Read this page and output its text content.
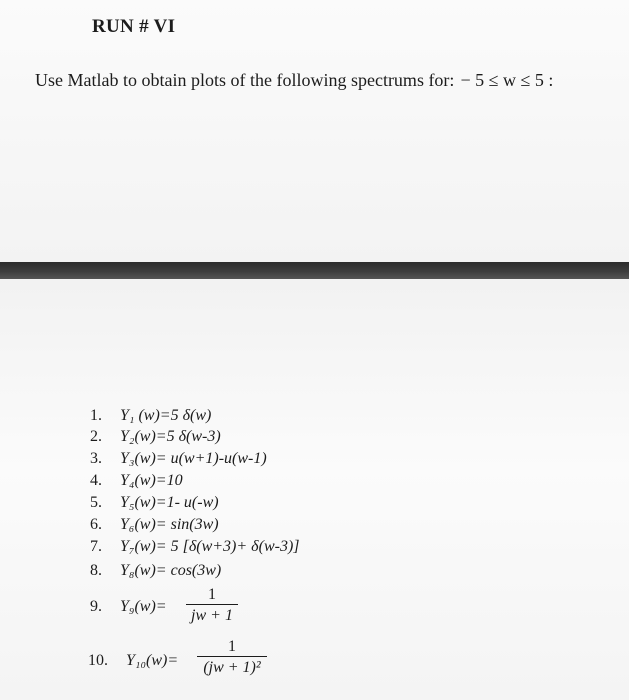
RUN # VI
Use Matlab to obtain plots of the following spectrums for: − 5 ≤ w ≤ 5 :
1. Y₁ (w)=5 δ(w)
2. Y₂(w)=5 δ(w-3)
3. Y₃(w)= u(w+1)-u(w-1)
4. Y₄(w)=10
5. Y₅(w)=1- u(-w)
6. Y₆(w)= sin(3w)
7. Y₇(w)= 5 [δ(w+3)+ δ(w-3)]
8. Y₈(w)= cos(3w)
9. $Y_9(w)= \frac{1}{jw + 1}$
10. $Y_{10}(w)= \frac{1}{\text{(jw + 1)²}}$
